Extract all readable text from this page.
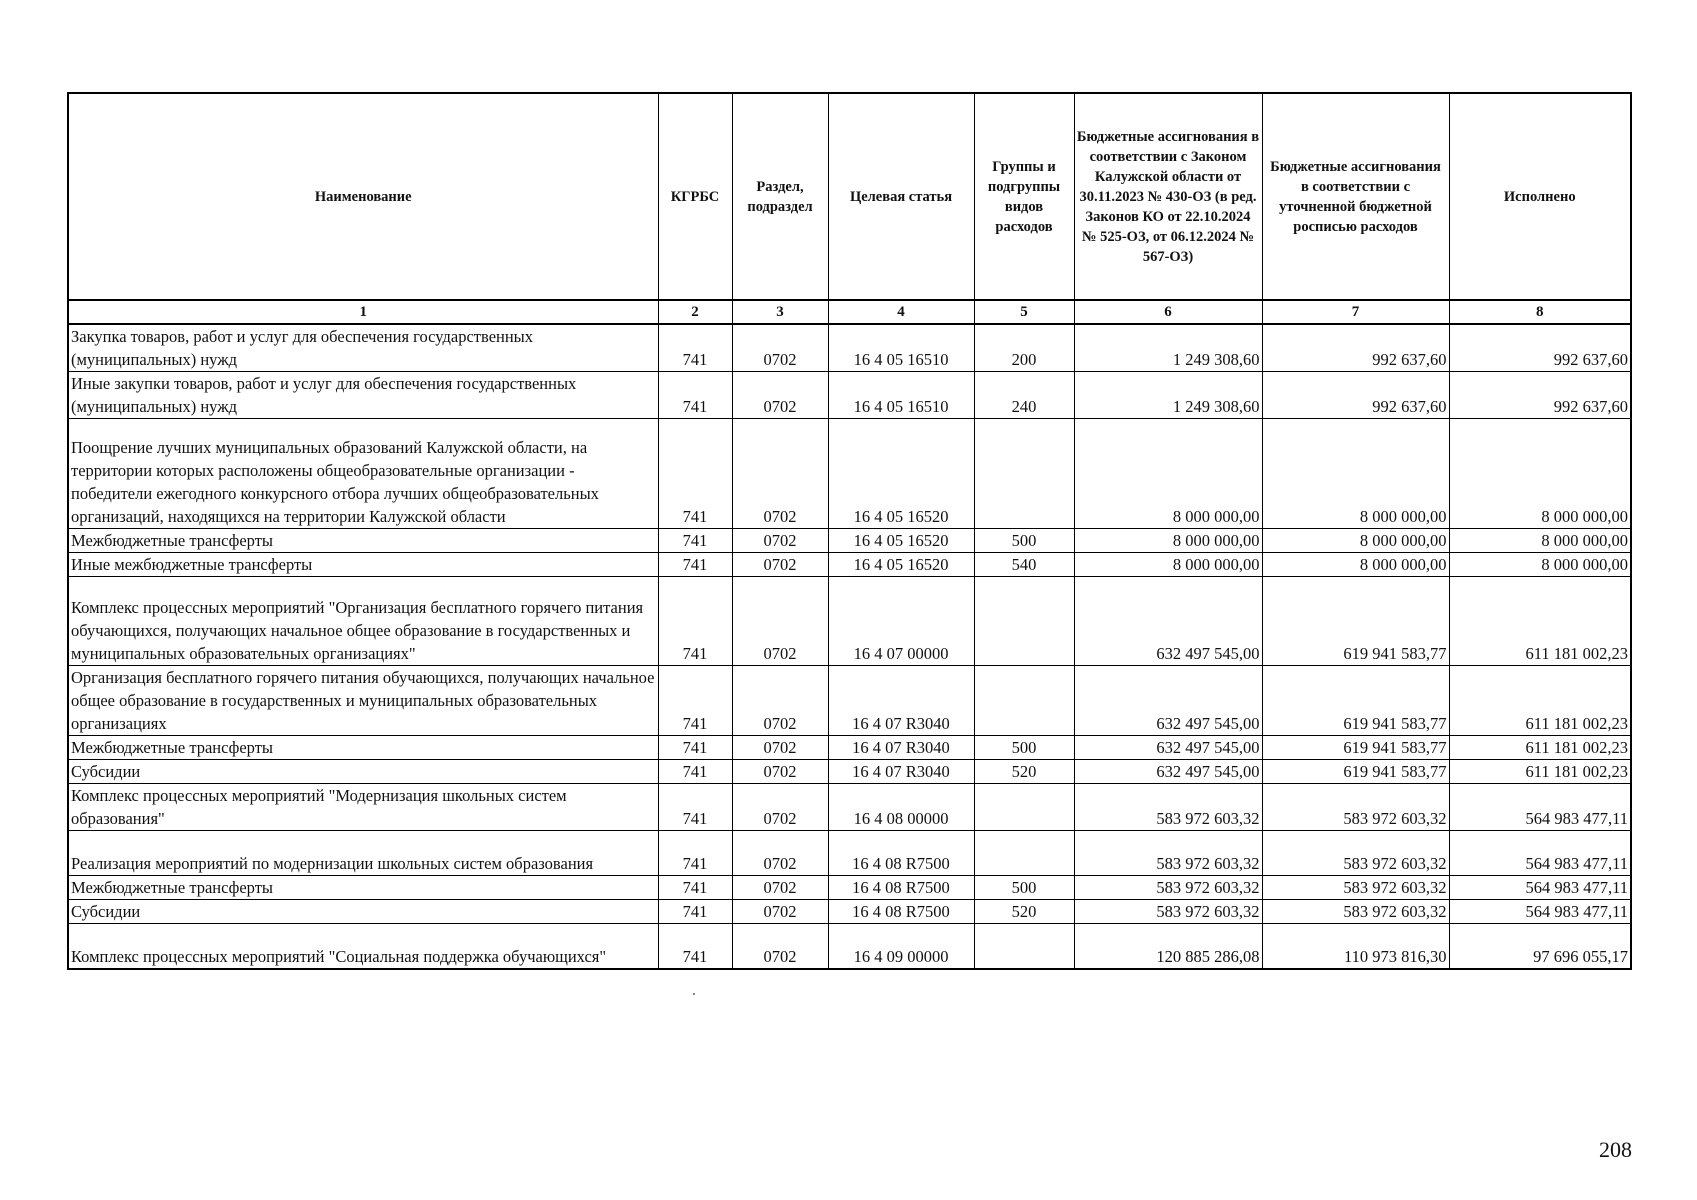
Наименование	КГРБС	Раздел, подраздел	Целевая статья	Группы и подгруппы видов расходов	Бюджетные ассигнования в соответствии с Законом Калужской области от 30.11.2023 № 430-ОЗ (в ред. Законов КО от 22.10.2024 № 525-ОЗ, от 06.12.2024 № 567-ОЗ)	Бюджетные ассигнования в соответствии с уточненной бюджетной росписью расходов	Исполнено
1	2	3	4	5	6	7	8
Закупка товаров, работ и услуг для обеспечения государственных (муниципальных) нужд	741	0702	16 4 05 16510	200	1 249 308,60	992 637,60	992 637,60
Иные закупки товаров, работ и услуг для обеспечения государственных (муниципальных) нужд	741	0702	16 4 05 16510	240	1 249 308,60	992 637,60	992 637,60
Поощрение лучших муниципальных образований Калужской области, на территории которых расположены общеобразовательные организации - победители ежегодного конкурсного отбора лучших общеобразовательных организаций, находящихся на территории Калужской области	741	0702	16 4 05 16520		8 000 000,00	8 000 000,00	8 000 000,00
Межбюджетные трансферты	741	0702	16 4 05 16520	500	8 000 000,00	8 000 000,00	8 000 000,00
Иные межбюджетные трансферты	741	0702	16 4 05 16520	540	8 000 000,00	8 000 000,00	8 000 000,00
Комплекс процессных мероприятий "Организация бесплатного горячего питания обучающихся, получающих начальное общее образование в государственных и муниципальных образовательных организациях"	741	0702	16 4 07 00000		632 497 545,00	619 941 583,77	611 181 002,23
Организация бесплатного горячего питания обучающихся, получающих начальное общее образование в государственных и муниципальных образовательных организациях	741	0702	16 4 07 R3040		632 497 545,00	619 941 583,77	611 181 002,23
Межбюджетные трансферты	741	0702	16 4 07 R3040	500	632 497 545,00	619 941 583,77	611 181 002,23
Субсидии	741	0702	16 4 07 R3040	520	632 497 545,00	619 941 583,77	611 181 002,23
Комплекс процессных мероприятий "Модернизация школьных систем образования"	741	0702	16 4 08 00000		583 972 603,32	583 972 603,32	564 983 477,11
Реализация мероприятий по модернизации школьных систем образования	741	0702	16 4 08 R7500		583 972 603,32	583 972 603,32	564 983 477,11
Межбюджетные трансферты	741	0702	16 4 08 R7500	500	583 972 603,32	583 972 603,32	564 983 477,11
Субсидии	741	0702	16 4 08 R7500	520	583 972 603,32	583 972 603,32	564 983 477,11
Комплекс процессных мероприятий "Социальная поддержка обучающихся"	741	0702	16 4 09 00000		120 885 286,08	110 973 816,30	97 696 055,17
208
